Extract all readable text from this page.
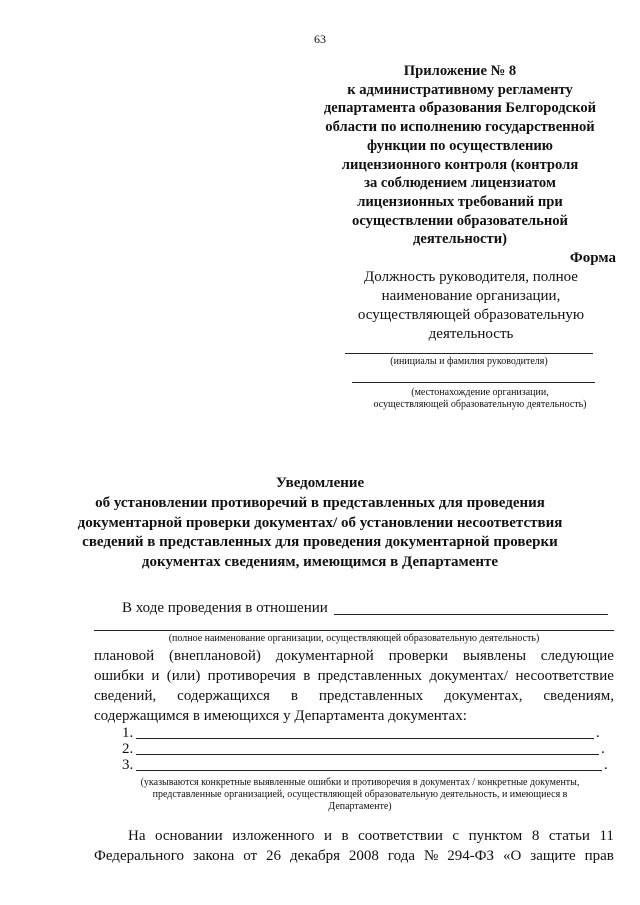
63
Приложение № 8
к административному регламенту
департамента образования Белгородской
области по исполнению государственной
функции по осуществлению
лицензионного контроля (контроля
за соблюдением лицензиатом
лицензионных требований при
осуществлении образовательной
деятельности)
Форма
Должность руководителя, полное
наименование организации,
осуществляющей образовательную
деятельность
(инициалы и фамилия руководителя)
(местонахождение организации,
осуществляющей образовательную деятельность)
Уведомление
об установлении противоречий в представленных для проведения
документарной проверки документах/ об установлении несоответствия
сведений в представленных для проведения документарной проверки
документах сведениям, имеющимся в Департаменте
В ходе проведения в отношении
(полное наименование организации, осуществляющей образовательную деятельность)
плановой (внеплановой) документарной проверки выявлены следующие
ошибки и (или) противоречия в представленных документах/ несоответствие
сведений, содержащихся в представленных документах, сведениям,
содержащимся в имеющихся у Департамента документах:
1.	.
2.	.
3.	.
(указываются конкретные выявленные ошибки и противоречия в документах / конкретные документы,
представленные организацией, осуществляющей образовательную деятельность, и имеющиеся в
Департаменте)
На основании изложенного и в соответствии с пунктом 8 статьи 11
Федерального закона от 26 декабря 2008 года № 294-ФЗ «О защите прав
